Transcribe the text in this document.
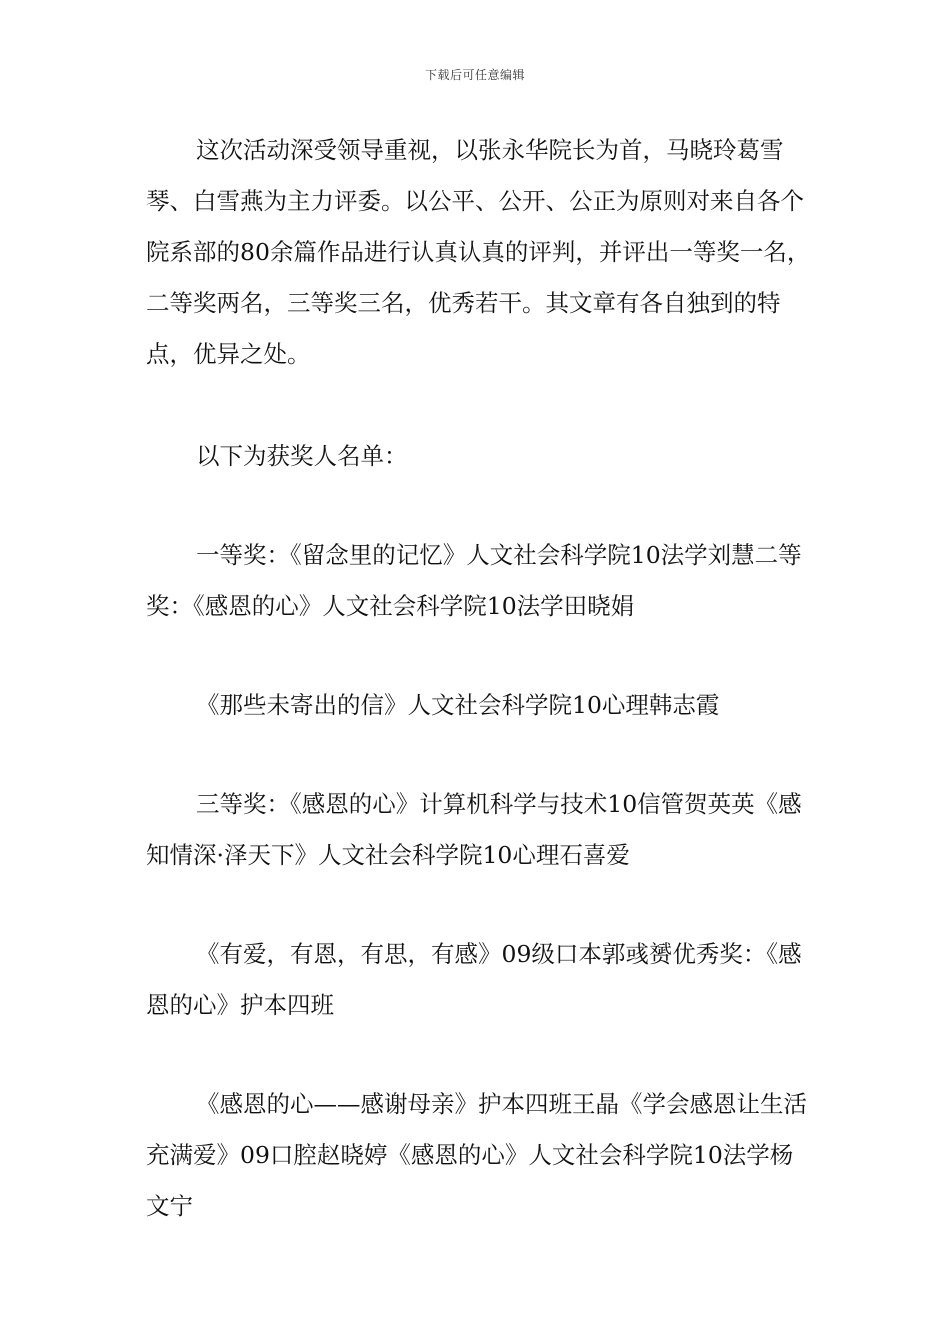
下载后可任意编辑

这次活动深受领导重视，以张永华院长为首，马晓玲葛雪琴、白雪燕为主力评委。以公平、公开、公正为原则对来自各个院系部的80余篇作品进行认真认真的评判，并评出一等奖一名，二等奖两名，三等奖三名，优秀若干。其文章有各自独到的特点，优异之处。

以下为获奖人名单：

一等奖：《留念里的记忆》人文社会科学院10法学刘慧二等奖：《感恩的心》人文社会科学院10法学田晓娟

《那些未寄出的信》人文社会科学院10心理韩志霞

三等奖：《感恩的心》计算机科学与技术10信管贺英英《感知情深·泽天下》人文社会科学院10心理石喜爱

《有爱，有恩，有思，有感》09级口本郭彧赟优秀奖：《感恩的心》护本四班

《感恩的心——感谢母亲》护本四班王晶《学会感恩让生活充满爱》09口腔赵晓婷《感恩的心》人文社会科学院10法学杨文宁
